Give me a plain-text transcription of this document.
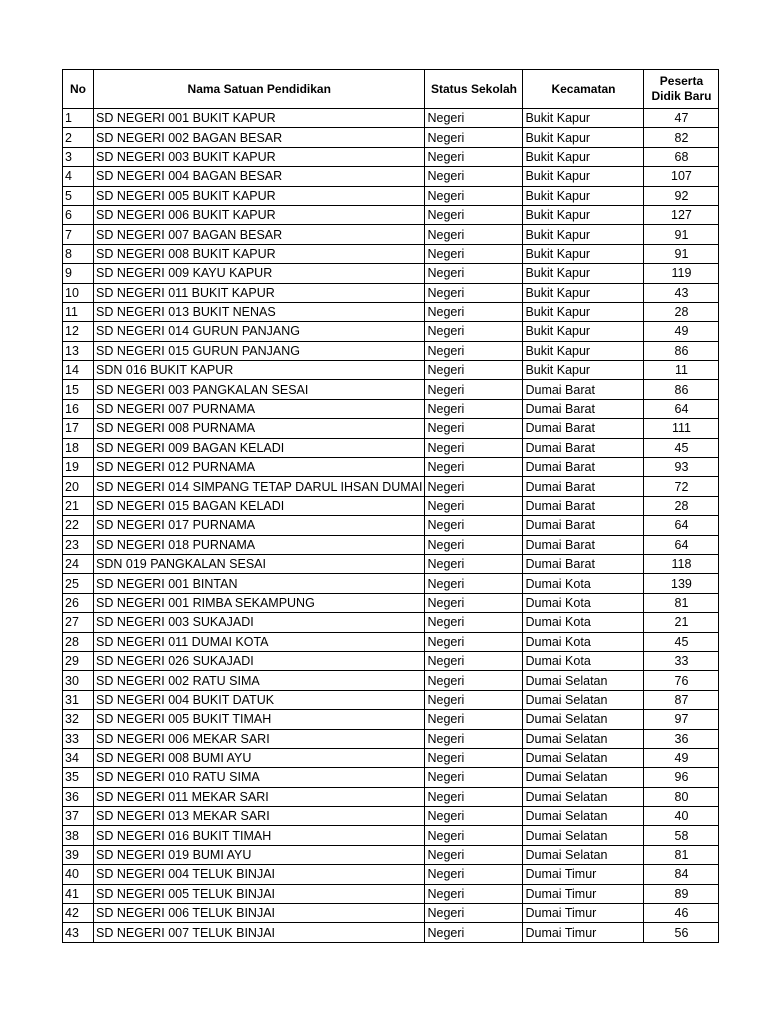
No	Nama Satuan Pendidikan	Status Sekolah	Kecamatan	Peserta
Didik Baru
1	SD NEGERI 001 BUKIT KAPUR	Negeri	Bukit Kapur	47
2	SD NEGERI 002 BAGAN BESAR	Negeri	Bukit Kapur	82
3	SD NEGERI 003 BUKIT KAPUR	Negeri	Bukit Kapur	68
4	SD NEGERI 004 BAGAN BESAR	Negeri	Bukit Kapur	107
5	SD NEGERI 005 BUKIT KAPUR	Negeri	Bukit Kapur	92
6	SD NEGERI 006 BUKIT KAPUR	Negeri	Bukit Kapur	127
7	SD NEGERI 007 BAGAN BESAR	Negeri	Bukit Kapur	91
8	SD NEGERI 008 BUKIT KAPUR	Negeri	Bukit Kapur	91
9	SD NEGERI 009 KAYU KAPUR	Negeri	Bukit Kapur	119
10	SD NEGERI 011 BUKIT KAPUR	Negeri	Bukit Kapur	43
11	SD NEGERI 013 BUKIT NENAS	Negeri	Bukit Kapur	28
12	SD NEGERI 014 GURUN PANJANG	Negeri	Bukit Kapur	49
13	SD NEGERI 015 GURUN PANJANG	Negeri	Bukit Kapur	86
14	SDN 016 BUKIT KAPUR	Negeri	Bukit Kapur	11
15	SD NEGERI 003 PANGKALAN SESAI	Negeri	Dumai Barat	86
16	SD NEGERI 007 PURNAMA	Negeri	Dumai Barat	64
17	SD NEGERI 008 PURNAMA	Negeri	Dumai Barat	111
18	SD NEGERI 009 BAGAN KELADI	Negeri	Dumai Barat	45
19	SD NEGERI 012 PURNAMA	Negeri	Dumai Barat	93
20	SD NEGERI 014 SIMPANG TETAP DARUL IHSAN DUMAI	Negeri	Dumai Barat	72
21	SD NEGERI 015 BAGAN KELADI	Negeri	Dumai Barat	28
22	SD NEGERI 017 PURNAMA	Negeri	Dumai Barat	64
23	SD NEGERI 018 PURNAMA	Negeri	Dumai Barat	64
24	SDN 019 PANGKALAN SESAI	Negeri	Dumai Barat	118
25	SD NEGERI 001 BINTAN	Negeri	Dumai Kota	139
26	SD NEGERI 001 RIMBA SEKAMPUNG	Negeri	Dumai Kota	81
27	SD NEGERI 003 SUKAJADI	Negeri	Dumai Kota	21
28	SD NEGERI 011 DUMAI KOTA	Negeri	Dumai Kota	45
29	SD NEGERI 026 SUKAJADI	Negeri	Dumai Kota	33
30	SD NEGERI 002 RATU SIMA	Negeri	Dumai Selatan	76
31	SD NEGERI 004 BUKIT DATUK	Negeri	Dumai Selatan	87
32	SD NEGERI 005 BUKIT TIMAH	Negeri	Dumai Selatan	97
33	SD NEGERI 006 MEKAR SARI	Negeri	Dumai Selatan	36
34	SD NEGERI 008 BUMI AYU	Negeri	Dumai Selatan	49
35	SD NEGERI 010 RATU SIMA	Negeri	Dumai Selatan	96
36	SD NEGERI 011 MEKAR SARI	Negeri	Dumai Selatan	80
37	SD NEGERI 013 MEKAR SARI	Negeri	Dumai Selatan	40
38	SD NEGERI 016 BUKIT TIMAH	Negeri	Dumai Selatan	58
39	SD NEGERI 019 BUMI AYU	Negeri	Dumai Selatan	81
40	SD NEGERI 004 TELUK BINJAI	Negeri	Dumai Timur	84
41	SD NEGERI 005 TELUK BINJAI	Negeri	Dumai Timur	89
42	SD NEGERI 006 TELUK BINJAI	Negeri	Dumai Timur	46
43	SD NEGERI 007 TELUK BINJAI	Negeri	Dumai Timur	56
